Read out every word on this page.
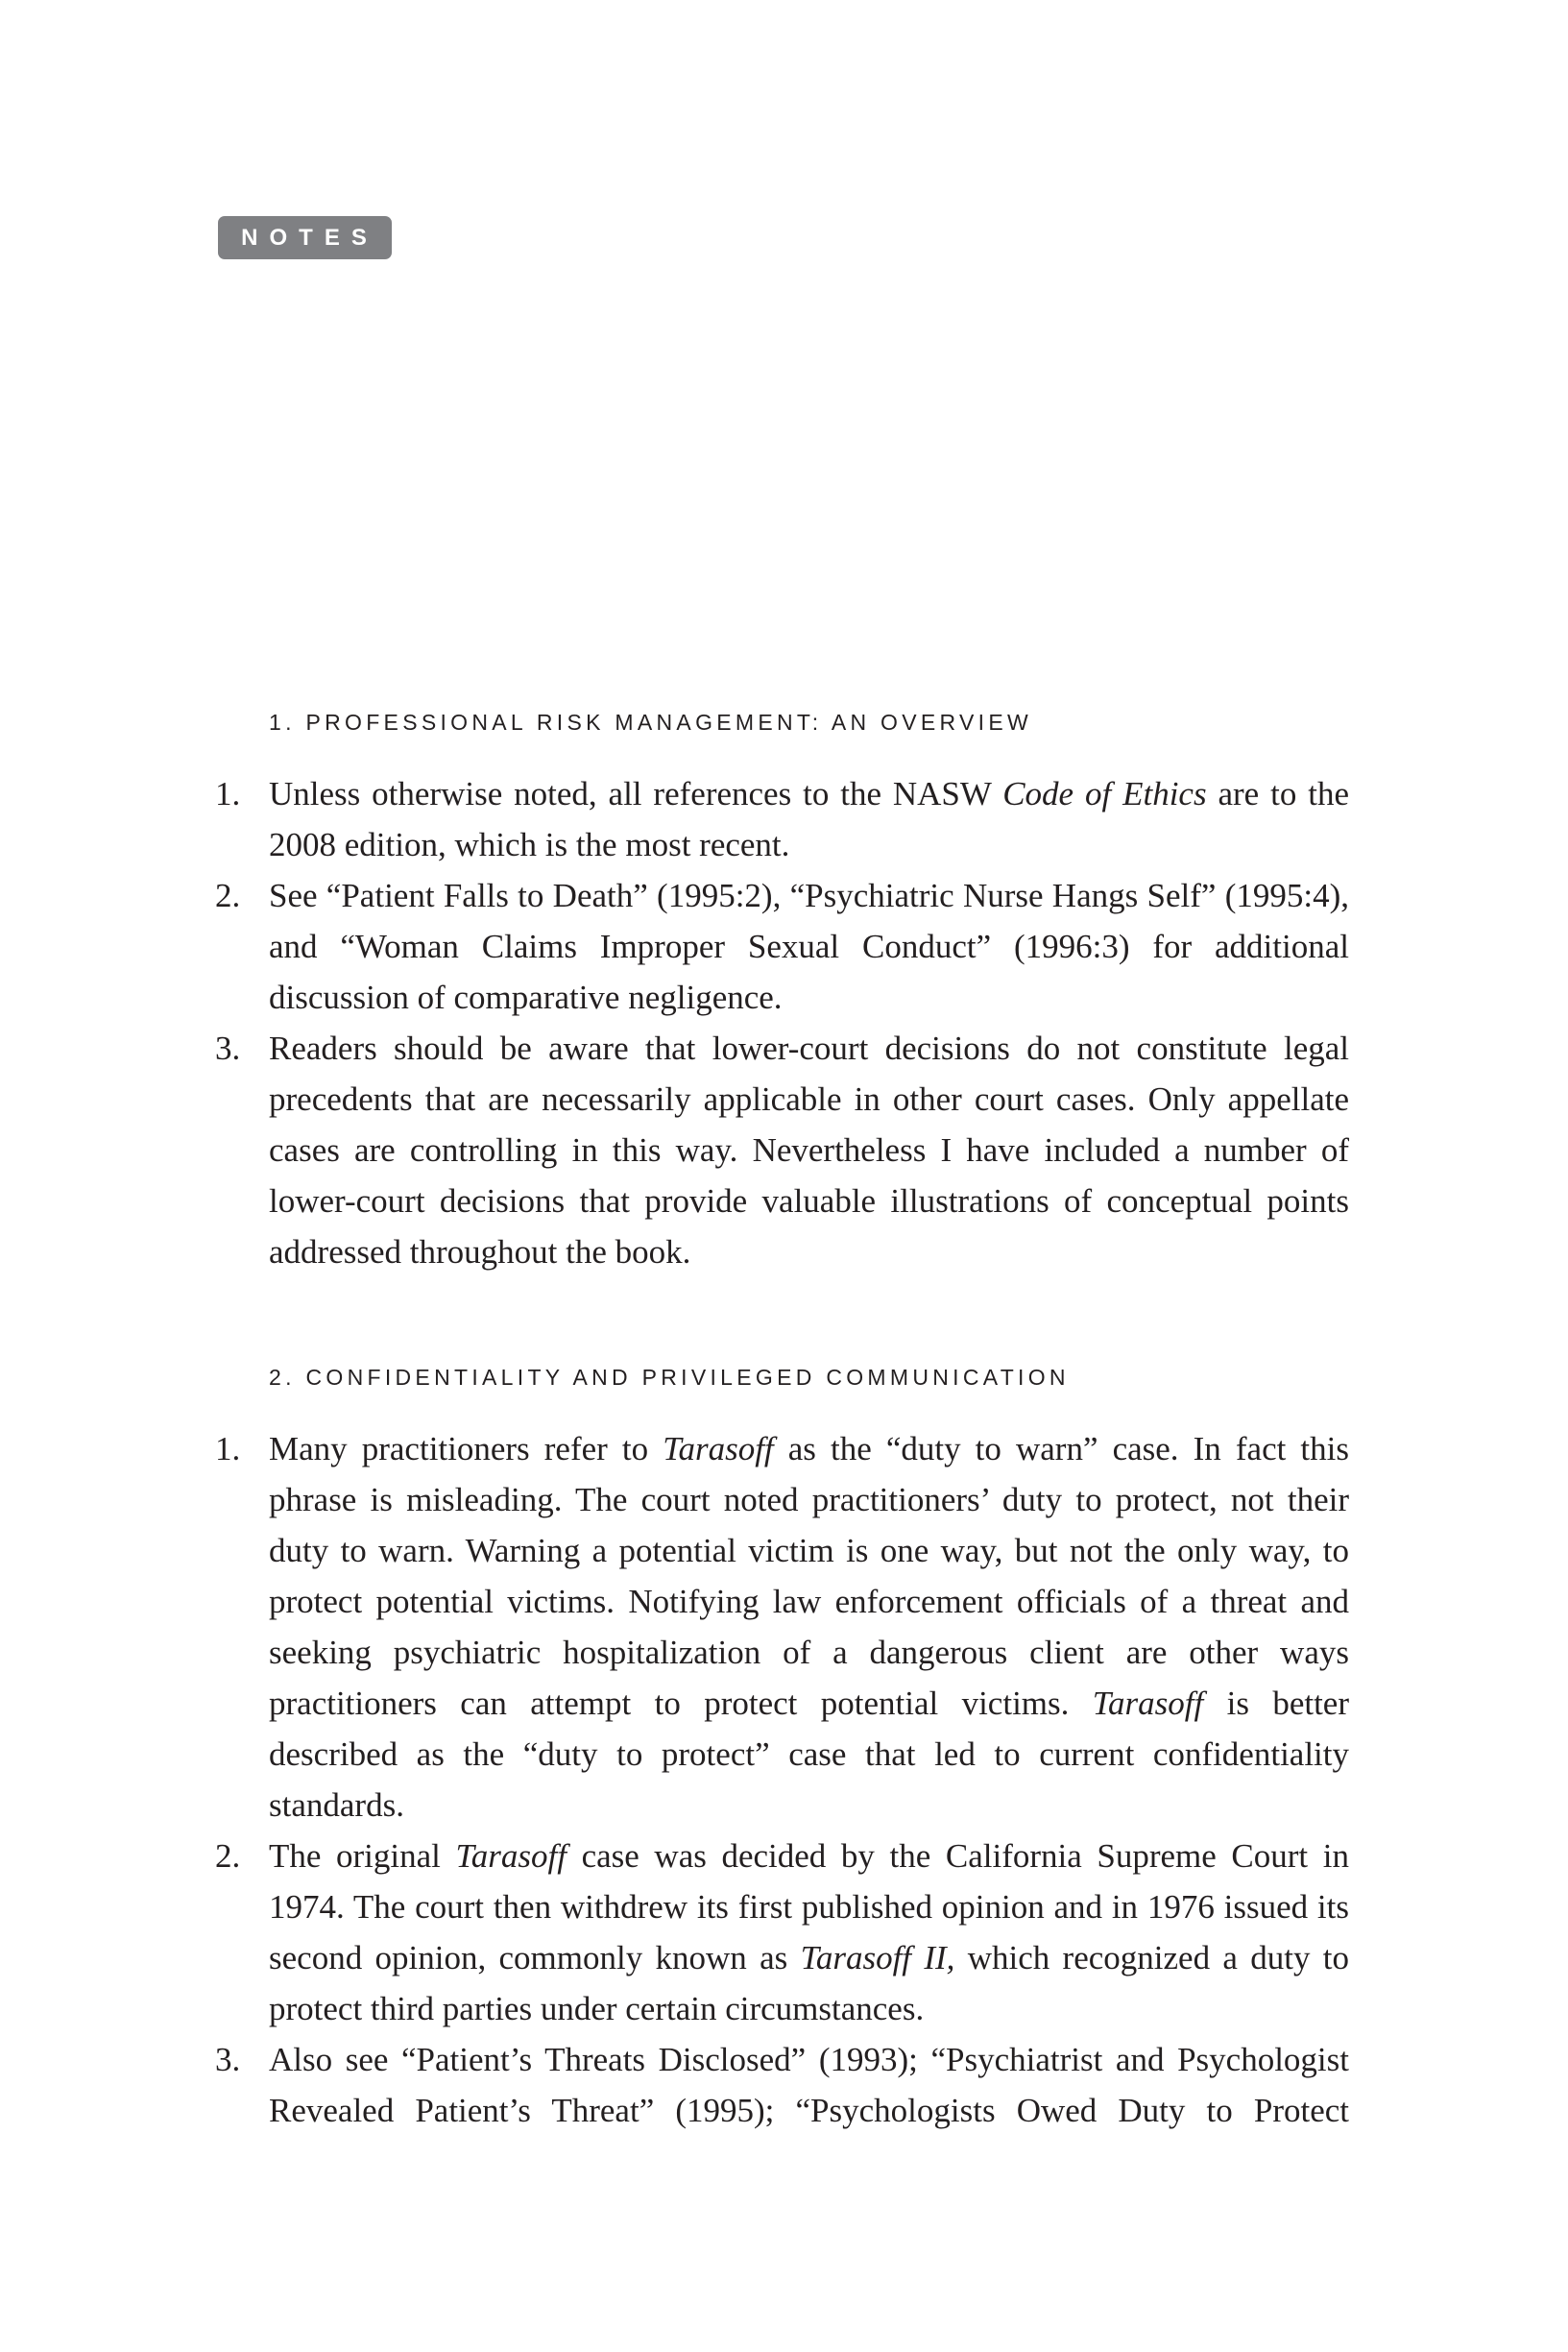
NOTES
1. PROFESSIONAL RISK MANAGEMENT: AN OVERVIEW
1. Unless otherwise noted, all references to the NASW Code of Ethics are to the 2008 edition, which is the most recent.
2. See “Patient Falls to Death” (1995:2), “Psychiatric Nurse Hangs Self” (1995:4), and “Woman Claims Improper Sexual Conduct” (1996:3) for additional discussion of comparative negligence.
3. Readers should be aware that lower-court decisions do not constitute legal precedents that are necessarily applicable in other court cases. Only appellate cases are controlling in this way. Nevertheless I have included a number of lower-court decisions that provide valuable illustrations of conceptual points addressed throughout the book.
2. CONFIDENTIALITY AND PRIVILEGED COMMUNICATION
1. Many practitioners refer to Tarasoff as the “duty to warn” case. In fact this phrase is misleading. The court noted practitioners’ duty to protect, not their duty to warn. Warning a potential victim is one way, but not the only way, to protect potential victims. Notifying law enforcement officials of a threat and seeking psychiatric hospitalization of a dangerous client are other ways practitioners can attempt to protect potential victims. Tarasoff is better described as the “duty to protect” case that led to current confidentiality standards.
2. The original Tarasoff case was decided by the California Supreme Court in 1974. The court then withdrew its first published opinion and in 1976 issued its second opinion, commonly known as Tarasoff II, which recognized a duty to protect third parties under certain circumstances.
3. Also see “Patient’s Threats Disclosed” (1993); “Psychiatrist and Psychologist Revealed Patient’s Threat” (1995); “Psychologists Owed Duty to Protect
